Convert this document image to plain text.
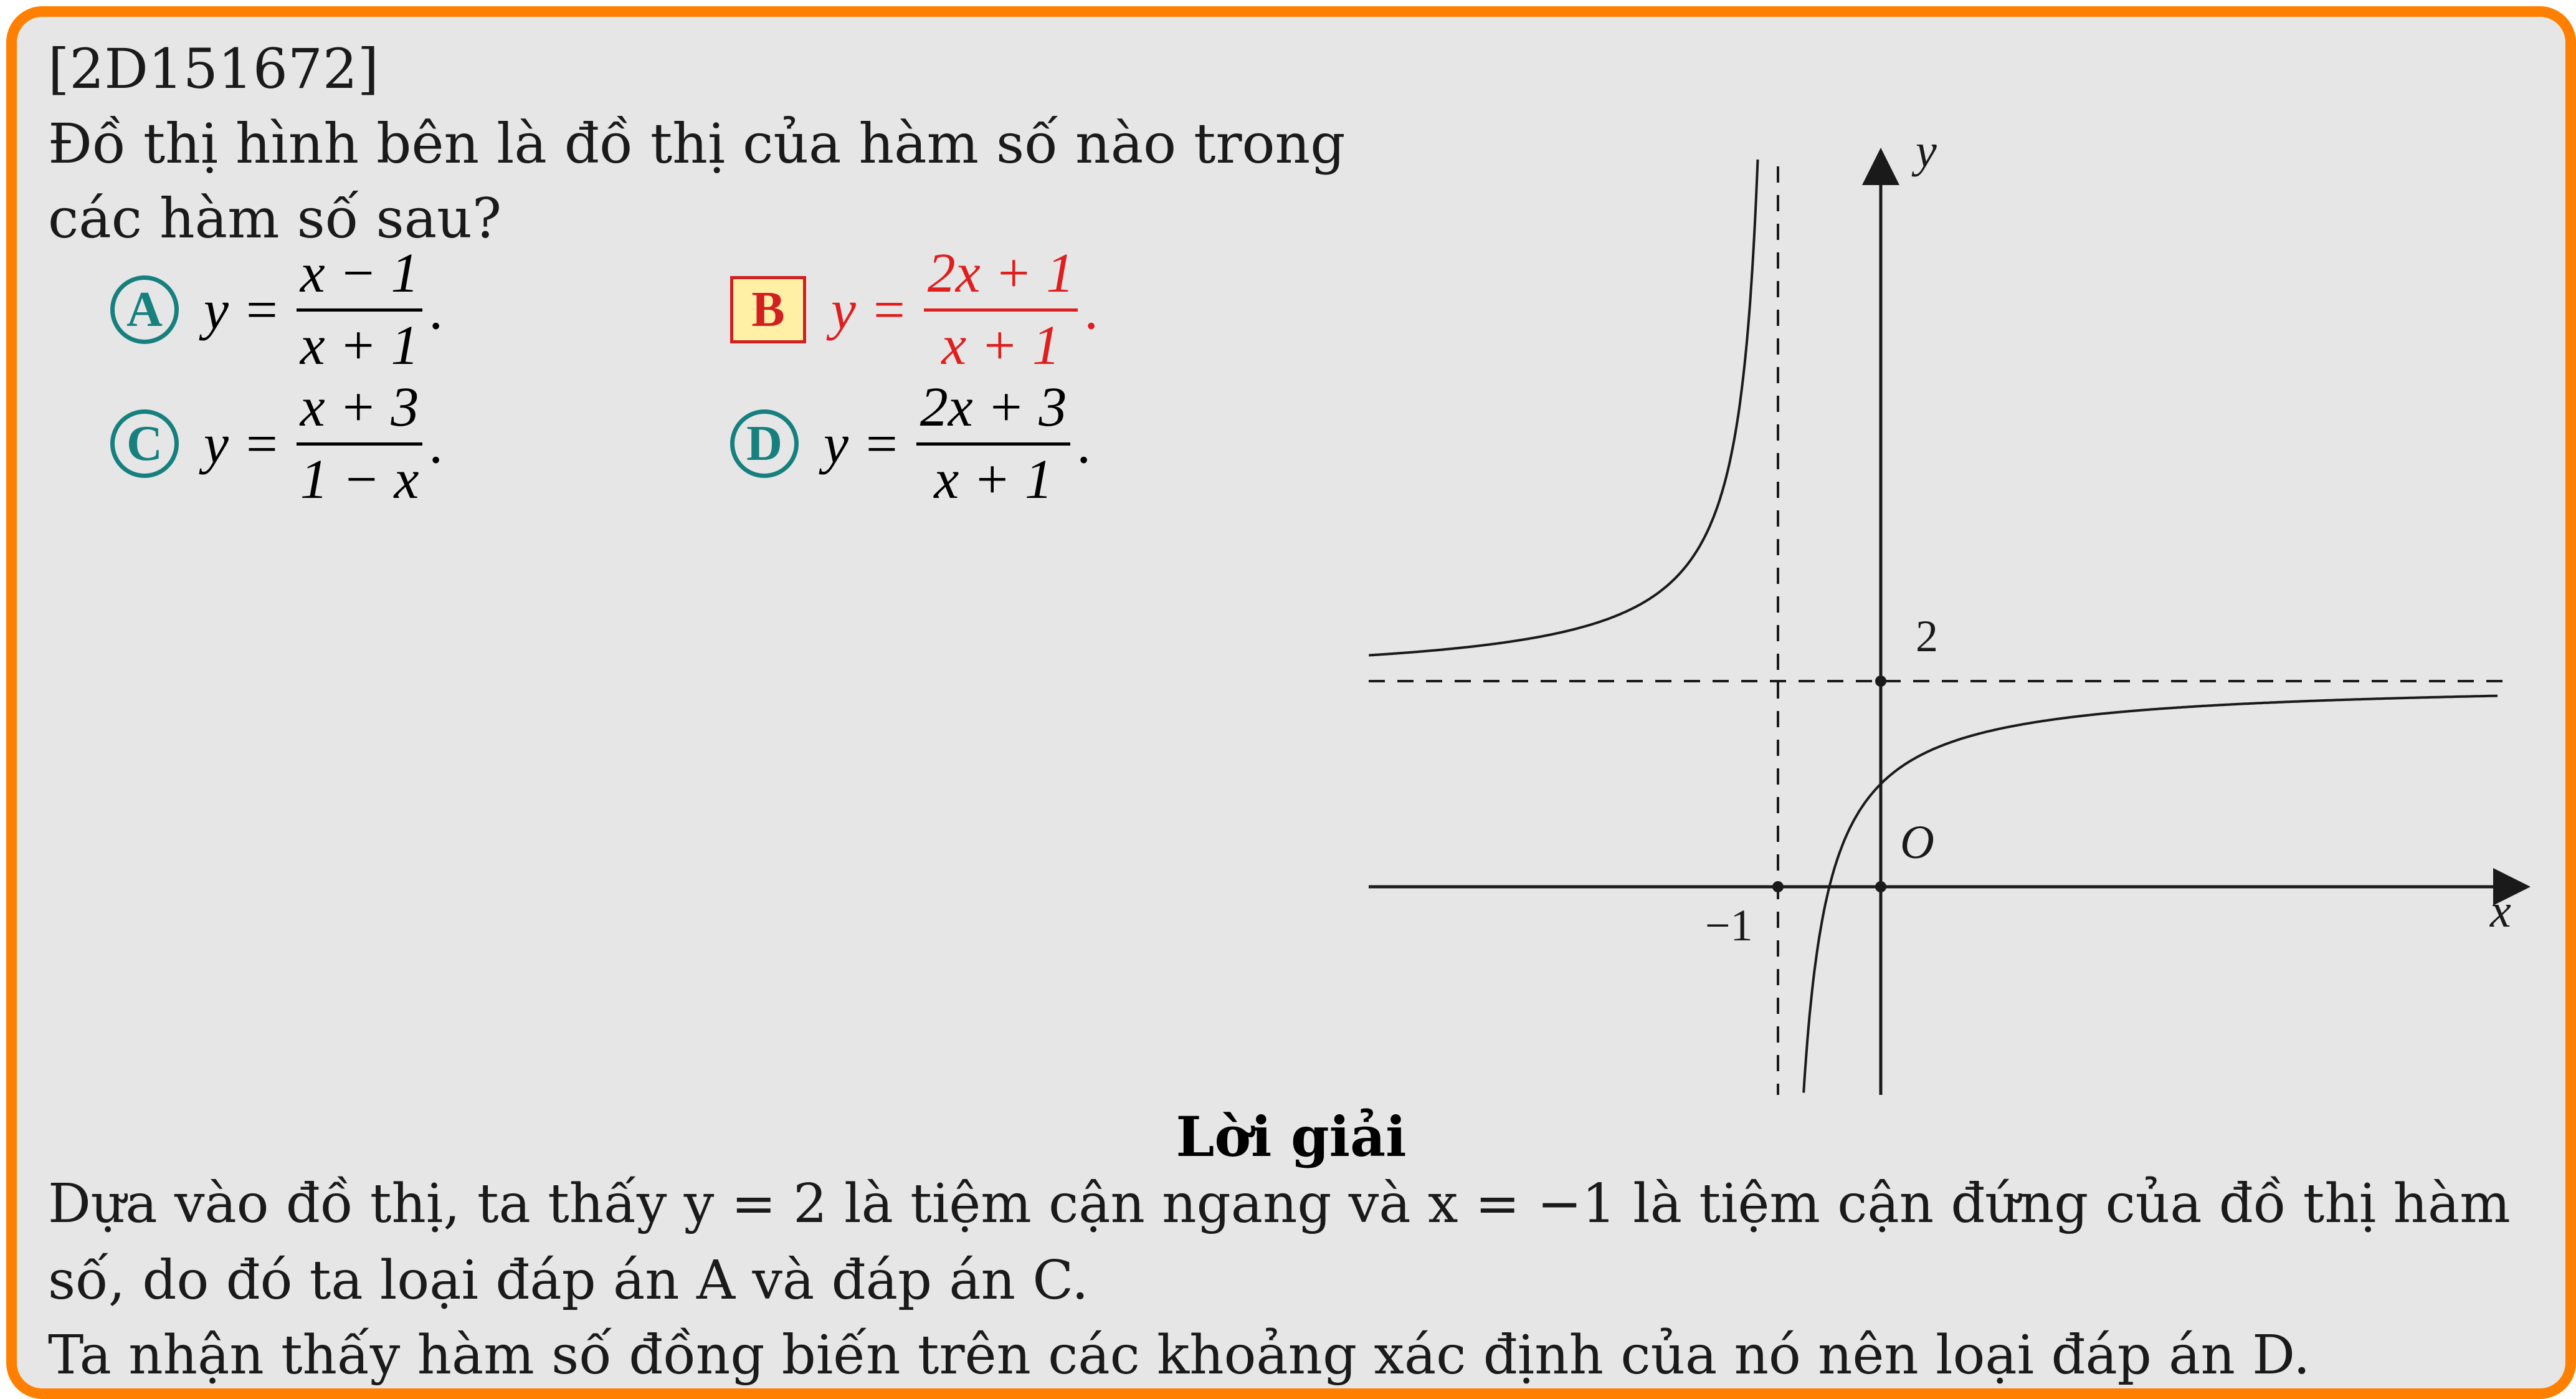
[2D151672]
Đồ thị hình bên là đồ thị của hàm số nào trong
các hàm số sau?
A y =
x − 1
x + 1
.	B y =
2x + 1
x + 1
.
C y =
x + 3
1 − x
.	D y =
2x + 3
x + 1
.
2
−1
O
x
y
Lời giải
Dựa vào đồ thị, ta thấy y = 2 là tiệm cận ngang và x = −1 là tiệm cận đứng của đồ thị hàm
số, do đó ta loại đáp án A và đáp án C.
Ta nhận thấy hàm số đồng biến trên các khoảng xác định của nó nên loại đáp án D.
